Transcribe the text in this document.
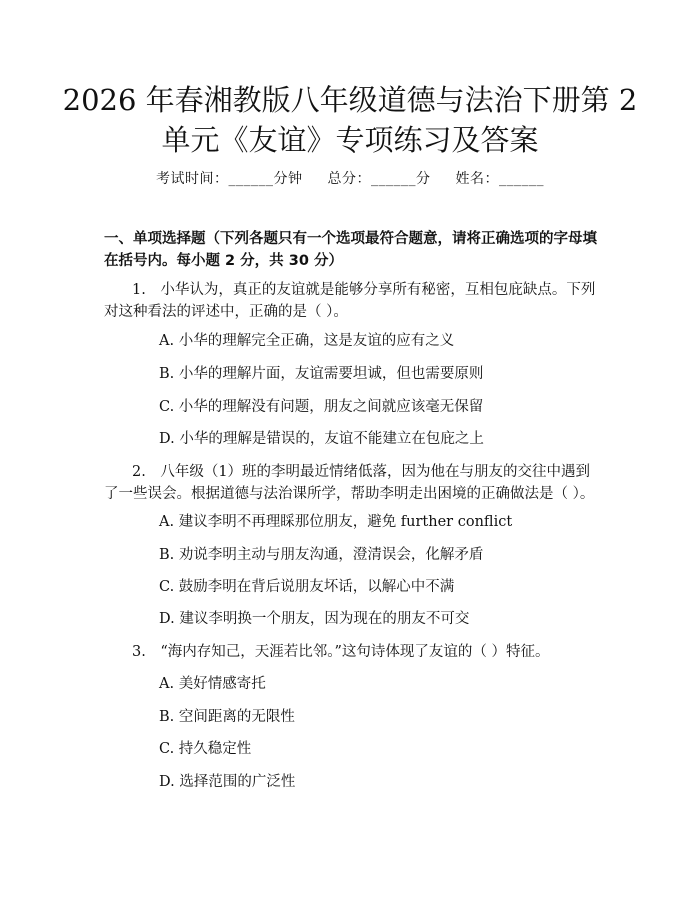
2026 年春湘教版八年级道德与法治下册第 2
单元《友谊》专项练习及答案
考试时间：______分钟 总分：______分 姓名：______
一、单项选择题（下列各题只有一个选项最符合题意，请将正确选项的字母填在括号内。每小题 2 分，共 30 分）
1.　小华认为，真正的友谊就是能够分享所有秘密，互相包庇缺点。下列对这种看法的评述中，正确的是（ ）。
A. 小华的理解完全正确，这是友谊的应有之义
B. 小华的理解片面，友谊需要坦诚，但也需要原则
C. 小华的理解没有问题，朋友之间就应该毫无保留
D. 小华的理解是错误的，友谊不能建立在包庇之上
2.　八年级（1）班的李明最近情绪低落，因为他在与朋友的交往中遇到了一些误会。根据道德与法治课所学，帮助李明走出困境的正确做法是（ ）。
A. 建议李明不再理睬那位朋友，避免 further conflict
B. 劝说李明主动与朋友沟通，澄清误会，化解矛盾
C. 鼓励李明在背后说朋友坏话，以解心中不满
D. 建议李明换一个朋友，因为现在的朋友不可交
3.　“海内存知己，天涯若比邻。”这句诗体现了友谊的（ ）特征。
A. 美好情感寄托
B. 空间距离的无限性
C. 持久稳定性
D. 选择范围的广泛性
